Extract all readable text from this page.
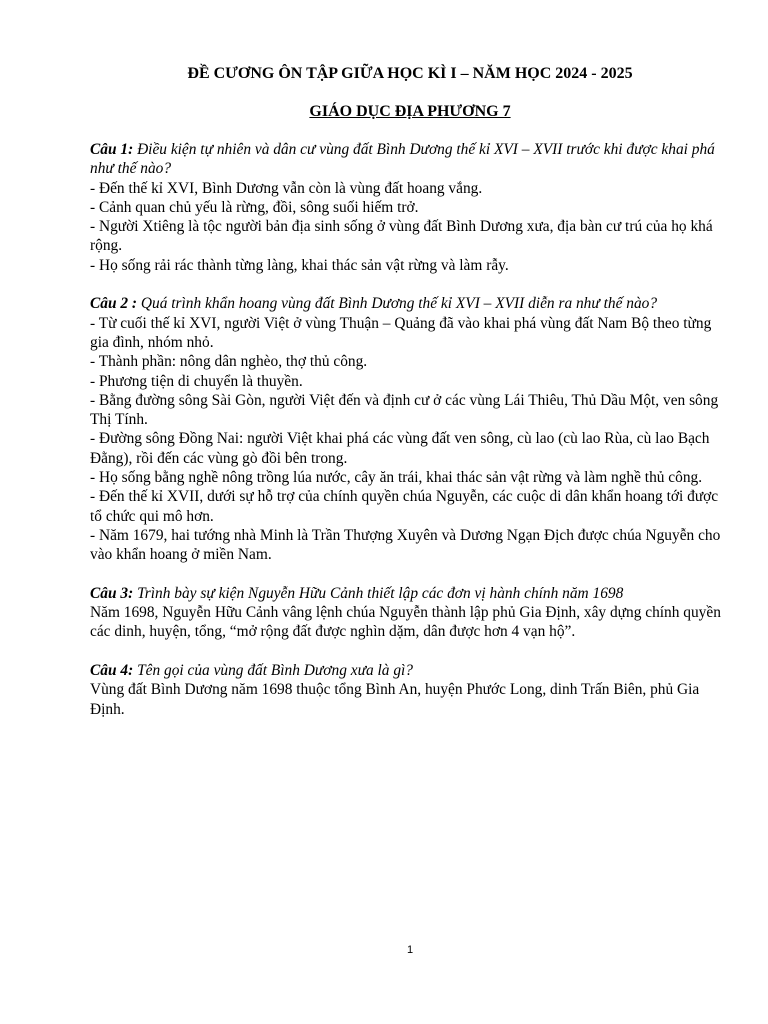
ĐỀ CƯƠNG ÔN TẬP GIỮA HỌC KÌ I – NĂM HỌC 2024 - 2025
GIÁO DỤC ĐỊA PHƯƠNG 7

Câu 1: Điều kiện tự nhiên và dân cư vùng đất Bình Dương thế kỉ XVI – XVII trước khi được khai phá như thế nào?

- Đến thế kỉ XVI, Bình Dương vẫn còn là vùng đất hoang vắng.

- Cảnh quan chủ yếu là rừng, đồi, sông suối hiếm trở.

- Người Xtiêng là tộc người bản địa sinh sống ở vùng đất Bình Dương xưa, địa bàn cư trú của họ khá rộng.

- Họ sống rải rác thành từng làng, khai thác sản vật rừng và làm rẫy.

Câu 2 : Quá trình khẩn hoang vùng đất Bình Dương thế kỉ XVI – XVII diễn ra như thế nào?

- Từ cuối thế kỉ XVI, người Việt ở vùng Thuận – Quảng đã vào khai phá vùng đất Nam Bộ theo từng gia đình, nhóm nhỏ.

- Thành phần: nông dân nghèo, thợ thủ công.

- Phương tiện di chuyển là thuyền.

- Bằng đường sông Sài Gòn, người Việt đến và định cư ở các vùng Lái Thiêu, Thủ Dầu Một, ven sông Thị Tính.

- Đường sông Đồng Nai: người Việt khai phá các vùng đất ven sông, cù lao (cù lao Rùa, cù lao Bạch Đằng), rồi đến các vùng gò đồi bên trong.

- Họ sống bằng nghề nông trồng lúa nước, cây ăn trái, khai thác sản vật rừng và làm nghề thủ công.

- Đến thế kỉ XVII, dưới sự hỗ trợ của chính quyền chúa Nguyễn, các cuộc di dân khẩn hoang tới được tổ chức qui mô hơn.

- Năm 1679, hai tướng nhà Minh là Trần Thượng Xuyên và Dương Ngạn Địch được chúa Nguyễn cho vào khẩn hoang ở miền Nam.

Câu 3: Trình bày sự kiện Nguyễn Hữu Cảnh thiết lập các đơn vị hành chính năm 1698

Năm 1698, Nguyễn Hữu Cảnh vâng lệnh chúa Nguyễn thành lập phủ Gia Định, xây dựng chính quyền các dinh, huyện, tổng, “mở rộng đất được nghìn dặm, dân được hơn 4 vạn hộ”.

Câu 4: Tên gọi của vùng đất Bình Dương xưa là gì?

Vùng đất Bình Dương năm 1698 thuộc tổng Bình An, huyện Phước Long, dinh Trấn Biên, phủ Gia Định.

1
